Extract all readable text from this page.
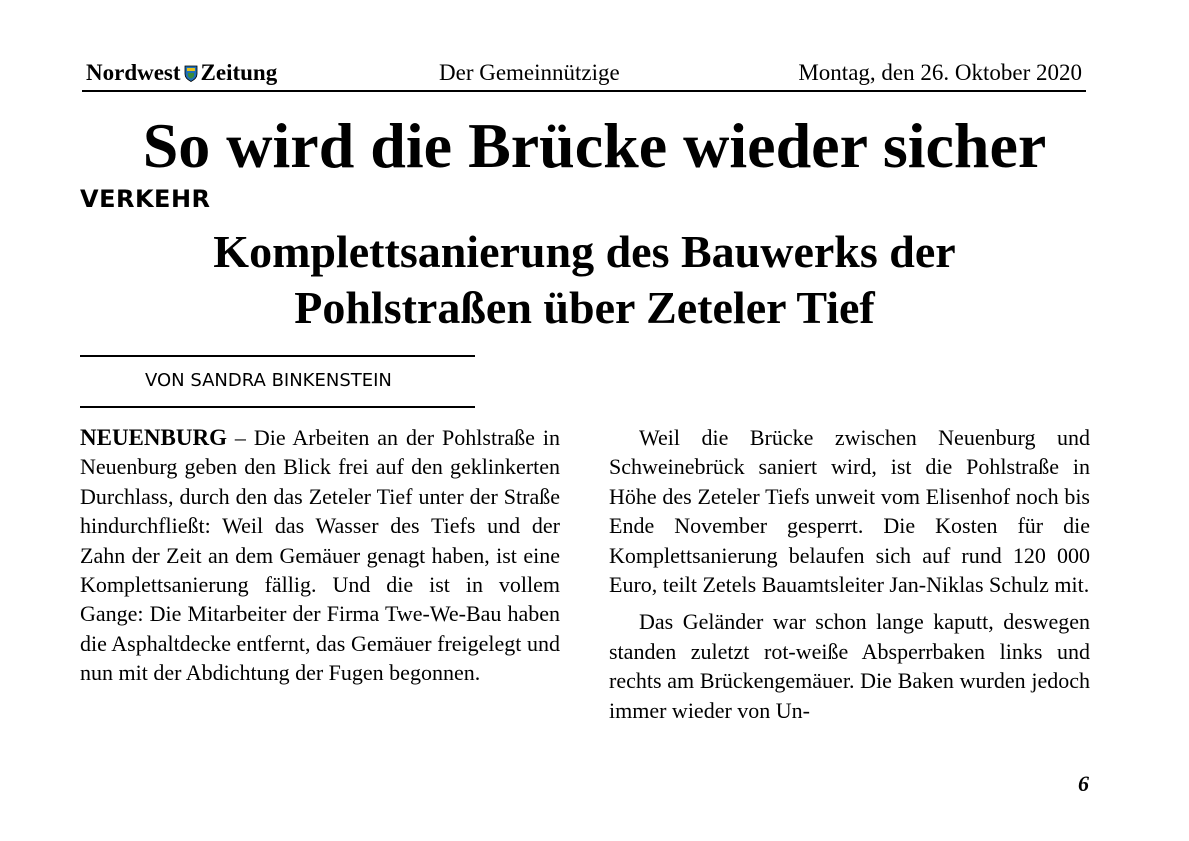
Nordwest Zeitung	Der Gemeinnützige	Montag, den 26. Oktober 2020
So wird die Brücke wieder sicher
VERKEHR
Komplettsanierung des Bauwerks der
Pohlstraßen über Zeteler Tief
VON SANDRA BINKENSTEIN

NEUENBURG – Die Arbeiten an der Pohlstraße in Neuenburg geben den Blick frei auf den geklinkerten Durchlass, durch den das Zeteler Tief unter der Straße hindurchfließt: Weil das Wasser des Tiefs und der Zahn der Zeit an dem Gemäuer genagt haben, ist eine Komplettsanierung fällig. Und die ist in vollem Gange: Die Mitarbeiter der Firma Twe-We-Bau haben die Asphaltdecke entfernt, das Gemäuer freigelegt und nun mit der Abdichtung der Fugen begonnen.

Weil die Brücke zwischen Neuenburg und Schweinebrück saniert wird, ist die Pohlstraße in Höhe des Zeteler Tiefs unweit vom Elisenhof noch bis Ende November gesperrt. Die Kosten für die Komplettsanierung belaufen sich auf rund 120 000 Euro, teilt Zetels Bauamtsleiter Jan-Niklas Schulz mit.

Das Geländer war schon lange kaputt, deswegen standen zuletzt rot-weiße Absperrbaken links und rechts am Brückengemäuer. Die Baken wurden jedoch immer wieder von Un-

6
